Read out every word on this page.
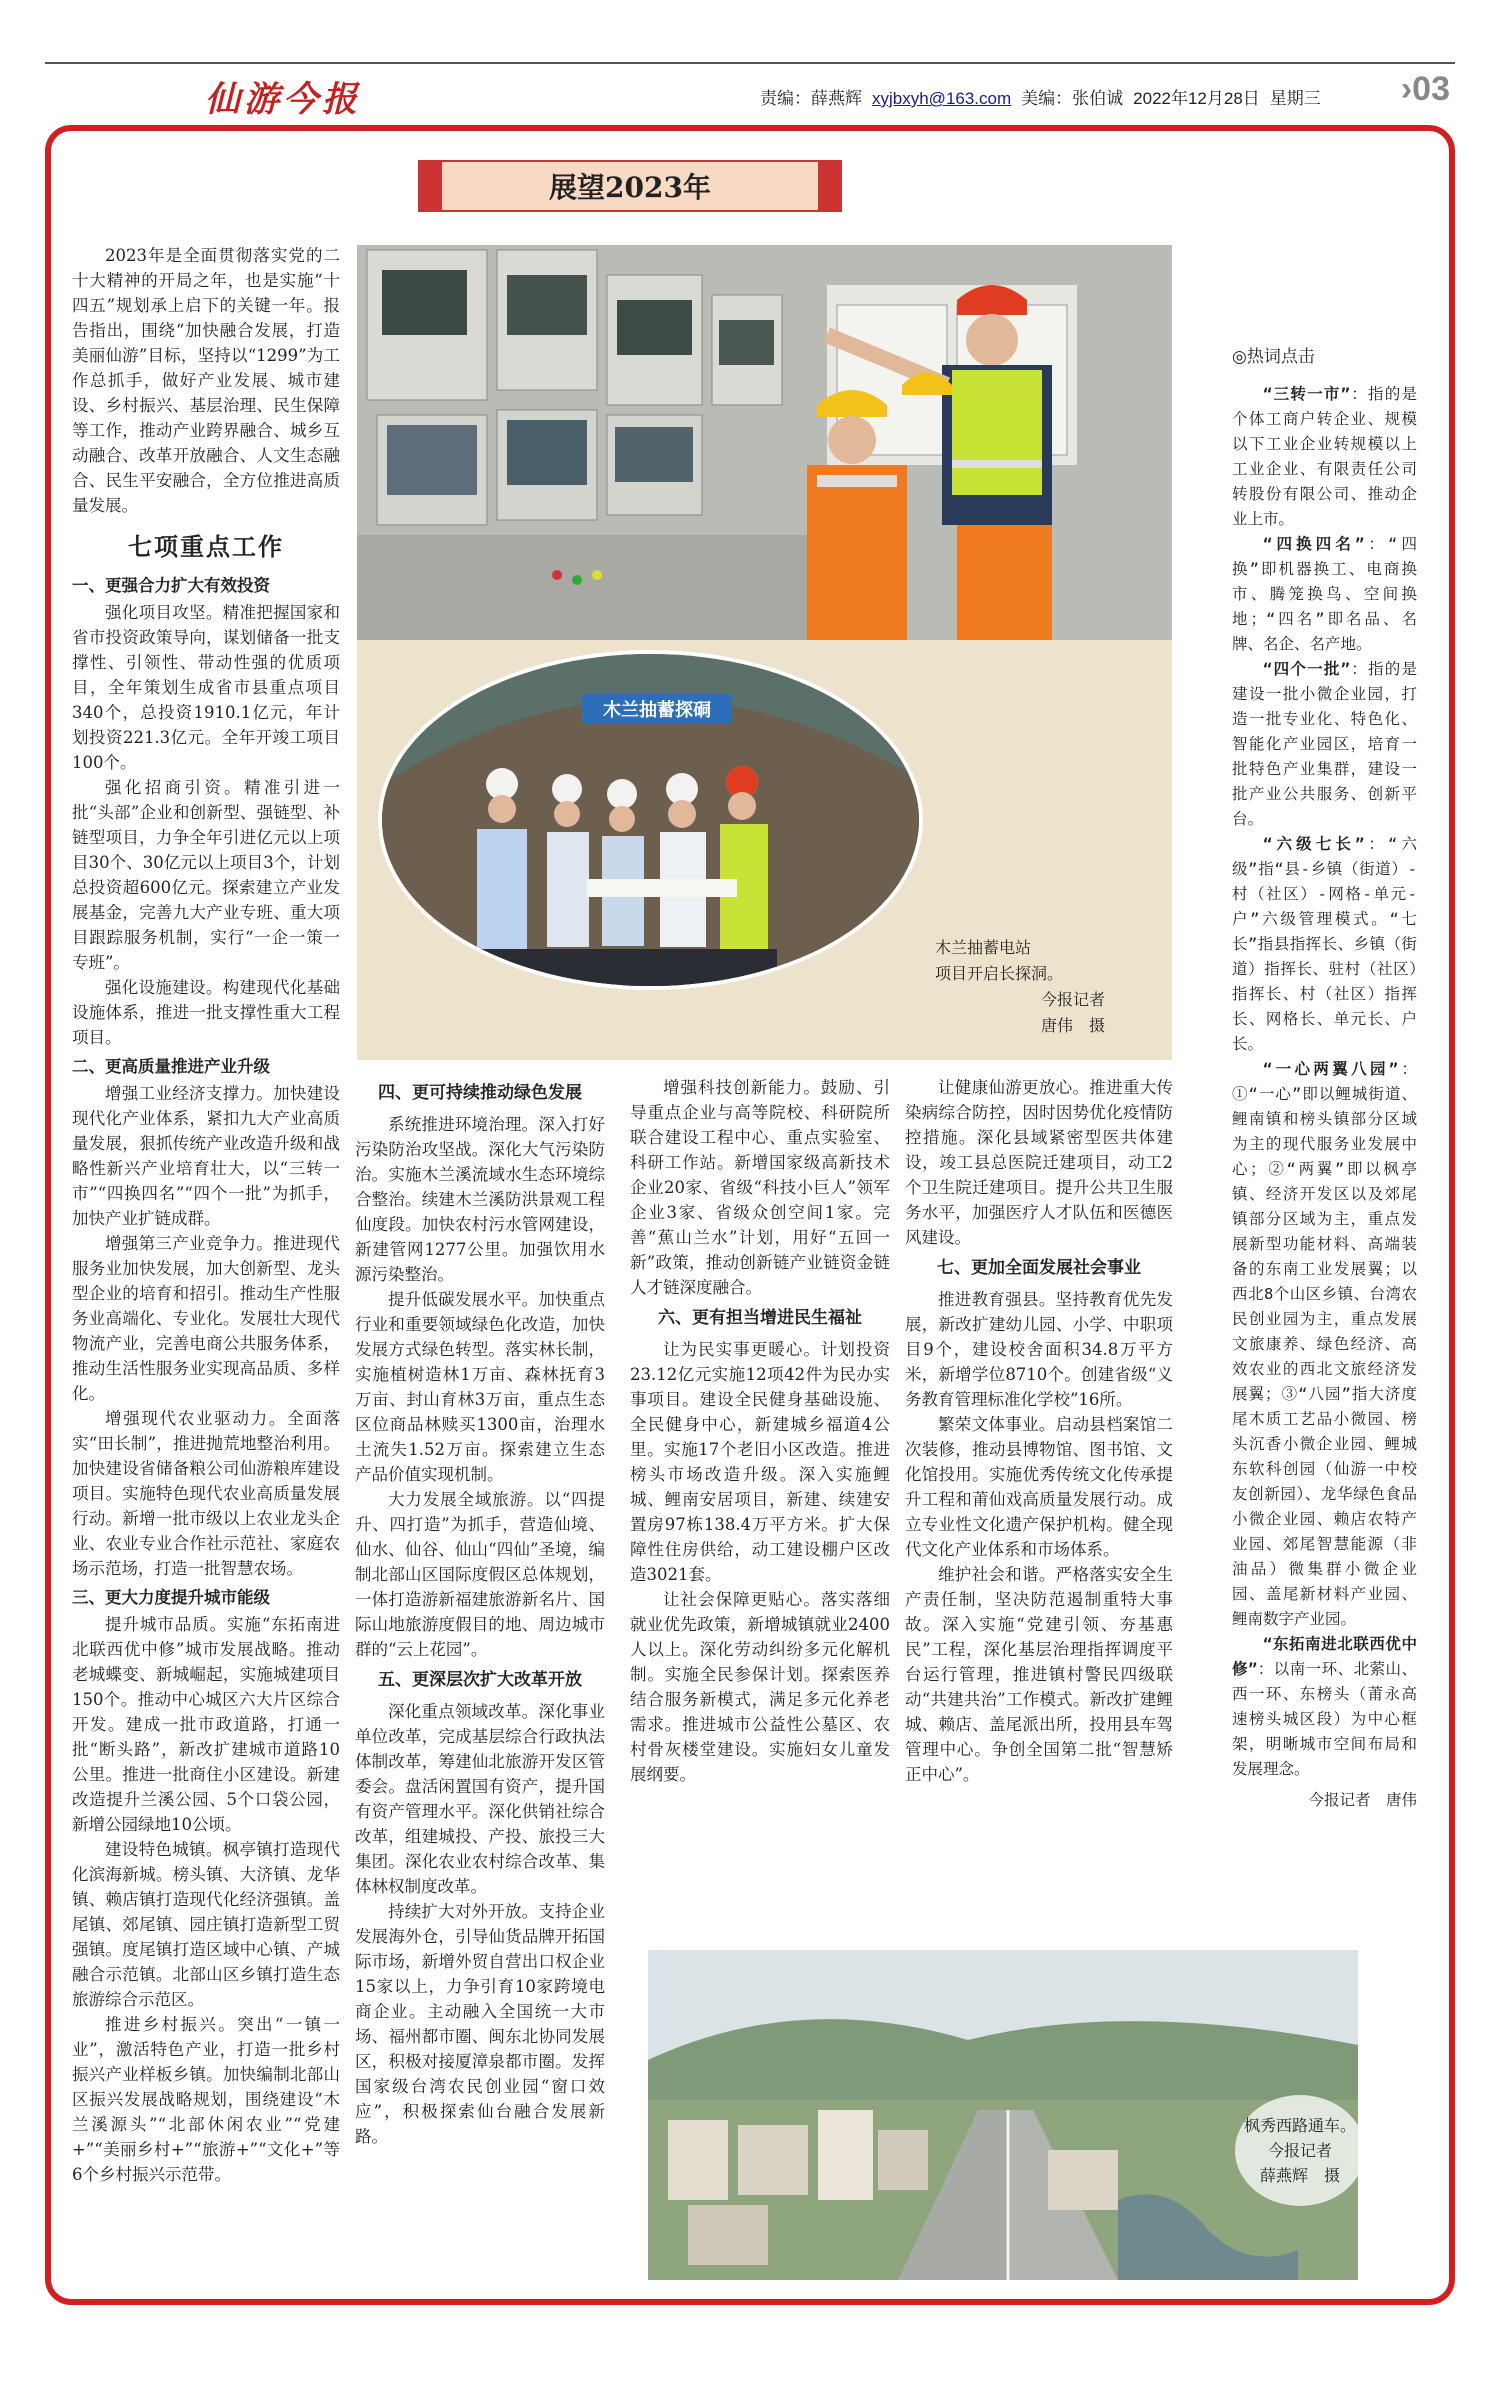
仙游今报	责编：薛燕辉 xyjbxyh@163.com 美编：张伯诚 2022年12月28日 星期三 ›03
展望2023年
木兰抽蓄探硐
木兰抽蓄电站
项目开启长探洞。
今报记者
唐伟　摄

2023年是全面贯彻落实党的二十大精神的开局之年，也是实施“十四五”规划承上启下的关键一年。报告指出，围绕“加快融合发展，打造美丽仙游”目标，坚持以“1299”为工作总抓手，做好产业发展、城市建设、乡村振兴、基层治理、民生保障等工作，推动产业跨界融合、城乡互动融合、改革开放融合、人文生态融合、民生平安融合，全方位推进高质量发展。

七项重点工作
一、更强合力扩大有效投资

强化项目攻坚。精准把握国家和省市投资政策导向，谋划储备一批支撑性、引领性、带动性强的优质项目，全年策划生成省市县重点项目340个，总投资1910.1亿元，年计划投资221.3亿元。全年开竣工项目100个。

强化招商引资。精准引进一批“头部”企业和创新型、强链型、补链型项目，力争全年引进亿元以上项目30个、30亿元以上项目3个，计划总投资超600亿元。探索建立产业发展基金，完善九大产业专班、重大项目跟踪服务机制，实行“一企一策一专班”。

强化设施建设。构建现代化基础设施体系，推进一批支撑性重大工程项目。

二、更高质量推进产业升级

增强工业经济支撑力。加快建设现代化产业体系，紧扣九大产业高质量发展，狠抓传统产业改造升级和战略性新兴产业培育壮大，以“三转一市”“四换四名”“四个一批”为抓手，加快产业扩链成群。

增强第三产业竞争力。推进现代服务业加快发展，加大创新型、龙头型企业的培育和招引。推动生产性服务业高端化、专业化。发展壮大现代物流产业，完善电商公共服务体系，推动生活性服务业实现高品质、多样化。

增强现代农业驱动力。全面落实“田长制”，推进抛荒地整治利用。加快建设省储备粮公司仙游粮库建设项目。实施特色现代农业高质量发展行动。新增一批市级以上农业龙头企业、农业专业合作社示范社、家庭农场示范场，打造一批智慧农场。

三、更大力度提升城市能级

提升城市品质。实施“东拓南进北联西优中修”城市发展战略。推动老城蝶变、新城崛起，实施城建项目150个。推动中心城区六大片区综合开发。建成一批市政道路，打通一批“断头路”，新改扩建城市道路10公里。推进一批商住小区建设。新建改造提升兰溪公园、5个口袋公园，新增公园绿地10公顷。

建设特色城镇。枫亭镇打造现代化滨海新城。榜头镇、大济镇、龙华镇、赖店镇打造现代化经济强镇。盖尾镇、郊尾镇、园庄镇打造新型工贸强镇。度尾镇打造区域中心镇、产城融合示范镇。北部山区乡镇打造生态旅游综合示范区。

推进乡村振兴。突出“一镇一业”，激活特色产业，打造一批乡村振兴产业样板乡镇。加快编制北部山区振兴发展战略规划，围绕建设“木兰溪源头”“北部休闲农业”“党建+”“美丽乡村+”“旅游+”“文化+”等6个乡村振兴示范带。

四、更可持续推动绿色发展

系统推进环境治理。深入打好污染防治攻坚战。深化大气污染防治。实施木兰溪流域水生态环境综合整治。续建木兰溪防洪景观工程仙度段。加快农村污水管网建设，新建管网1277公里。加强饮用水源污染整治。

提升低碳发展水平。加快重点行业和重要领域绿色化改造，加快发展方式绿色转型。落实林长制，实施植树造林1万亩、森林抚育3万亩、封山育林3万亩，重点生态区位商品林赎买1300亩，治理水土流失1.52万亩。探索建立生态产品价值实现机制。

大力发展全域旅游。以“四提升、四打造”为抓手，营造仙境、仙水、仙谷、仙山“四仙”圣境，编制北部山区国际度假区总体规划，一体打造游新福建旅游新名片、国际山地旅游度假目的地、周边城市群的“云上花园”。

五、更深层次扩大改革开放

深化重点领域改革。深化事业单位改革，完成基层综合行政执法体制改革，筹建仙北旅游开发区管委会。盘活闲置国有资产，提升国有资产管理水平。深化供销社综合改革，组建城投、产投、旅投三大集团。深化农业农村综合改革、集体林权制度改革。

持续扩大对外开放。支持企业发展海外仓，引导仙货品牌开拓国际市场，新增外贸自营出口权企业15家以上，力争引育10家跨境电商企业。主动融入全国统一大市场、福州都市圈、闽东北协同发展区，积极对接厦漳泉都市圈。发挥国家级台湾农民创业园“窗口效应”，积极探索仙台融合发展新路。

增强科技创新能力。鼓励、引导重点企业与高等院校、科研院所联合建设工程中心、重点实验室、科研工作站。新增国家级高新技术企业20家、省级“科技小巨人”领军企业3家、省级众创空间1家。完善“蕉山兰水”计划，用好“五回一新”政策，推动创新链产业链资金链人才链深度融合。

六、更有担当增进民生福祉

让为民实事更暖心。计划投资23.12亿元实施12项42件为民办实事项目。建设全民健身基础设施、全民健身中心，新建城乡福道4公里。实施17个老旧小区改造。推进榜头市场改造升级。深入实施鲤城、鲤南安居项目，新建、续建安置房97栋138.4万平方米。扩大保障性住房供给，动工建设棚户区改造3021套。

让社会保障更贴心。落实落细就业优先政策，新增城镇就业2400人以上。深化劳动纠纷多元化解机制。实施全民参保计划。探索医养结合服务新模式，满足多元化养老需求。推进城市公益性公墓区、农村骨灰楼堂建设。实施妇女儿童发展纲要。

让健康仙游更放心。推进重大传染病综合防控，因时因势优化疫情防控措施。深化县域紧密型医共体建设，竣工县总医院迁建项目，动工2个卫生院迁建项目。提升公共卫生服务水平，加强医疗人才队伍和医德医风建设。

七、更加全面发展社会事业

推进教育强县。坚持教育优先发展，新改扩建幼儿园、小学、中职项目9个，建设校舍面积34.8万平方米，新增学位8710个。创建省级“义务教育管理标准化学校”16所。

繁荣文体事业。启动县档案馆二次装修，推动县博物馆、图书馆、文化馆投用。实施优秀传统文化传承提升工程和莆仙戏高质量发展行动。成立专业性文化遗产保护机构。健全现代文化产业体系和市场体系。

维护社会和谐。严格落实安全生产责任制，坚决防范遏制重特大事故。深入实施“党建引领、夯基惠民”工程，深化基层治理指挥调度平台运行管理，推进镇村警民四级联动“共建共治”工作模式。新改扩建鲤城、赖店、盖尾派出所，投用县车驾管理中心。争创全国第二批“智慧矫正中心”。

枫秀西路通车。
今报记者
薛燕辉　摄
◎热词点击

“三转一市”：指的是个体工商户转企业、规模以下工业企业转规模以上工业企业、有限责任公司转股份有限公司、推动企业上市。

“四换四名”：“四换”即机器换工、电商换市、腾笼换鸟、空间换地；“四名”即名品、名牌、名企、名产地。

“四个一批”：指的是建设一批小微企业园，打造一批专业化、特色化、智能化产业园区，培育一批特色产业集群，建设一批产业公共服务、创新平台。

“六级七长”：“六级”指“县-乡镇（街道）-村（社区）-网格-单元-户”六级管理模式。“七长”指县指挥长、乡镇（街道）指挥长、驻村（社区）指挥长、村（社区）指挥长、网格长、单元长、户长。

“一心两翼八园”：①“一心”即以鲤城街道、鲤南镇和榜头镇部分区域为主的现代服务业发展中心；②“两翼”即以枫亭镇、经济开发区以及郊尾镇部分区域为主，重点发展新型功能材料、高端装备的东南工业发展翼；以西北8个山区乡镇、台湾农民创业园为主，重点发展文旅康养、绿色经济、高效农业的西北文旅经济发展翼；③“八园”指大济度尾木质工艺品小微园、榜头沉香小微企业园、鲤城东软科创园（仙游一中校友创新园）、龙华绿色食品小微企业园、赖店农特产业园、郊尾智慧能源（非油品）微集群小微企业园、盖尾新材料产业园、鲤南数字产业园。

“东拓南进北联西优中修”：以南一环、北萦山、西一环、东榜头（莆永高速榜头城区段）为中心框架，明晰城市空间布局和发展理念。

今报记者　唐伟
